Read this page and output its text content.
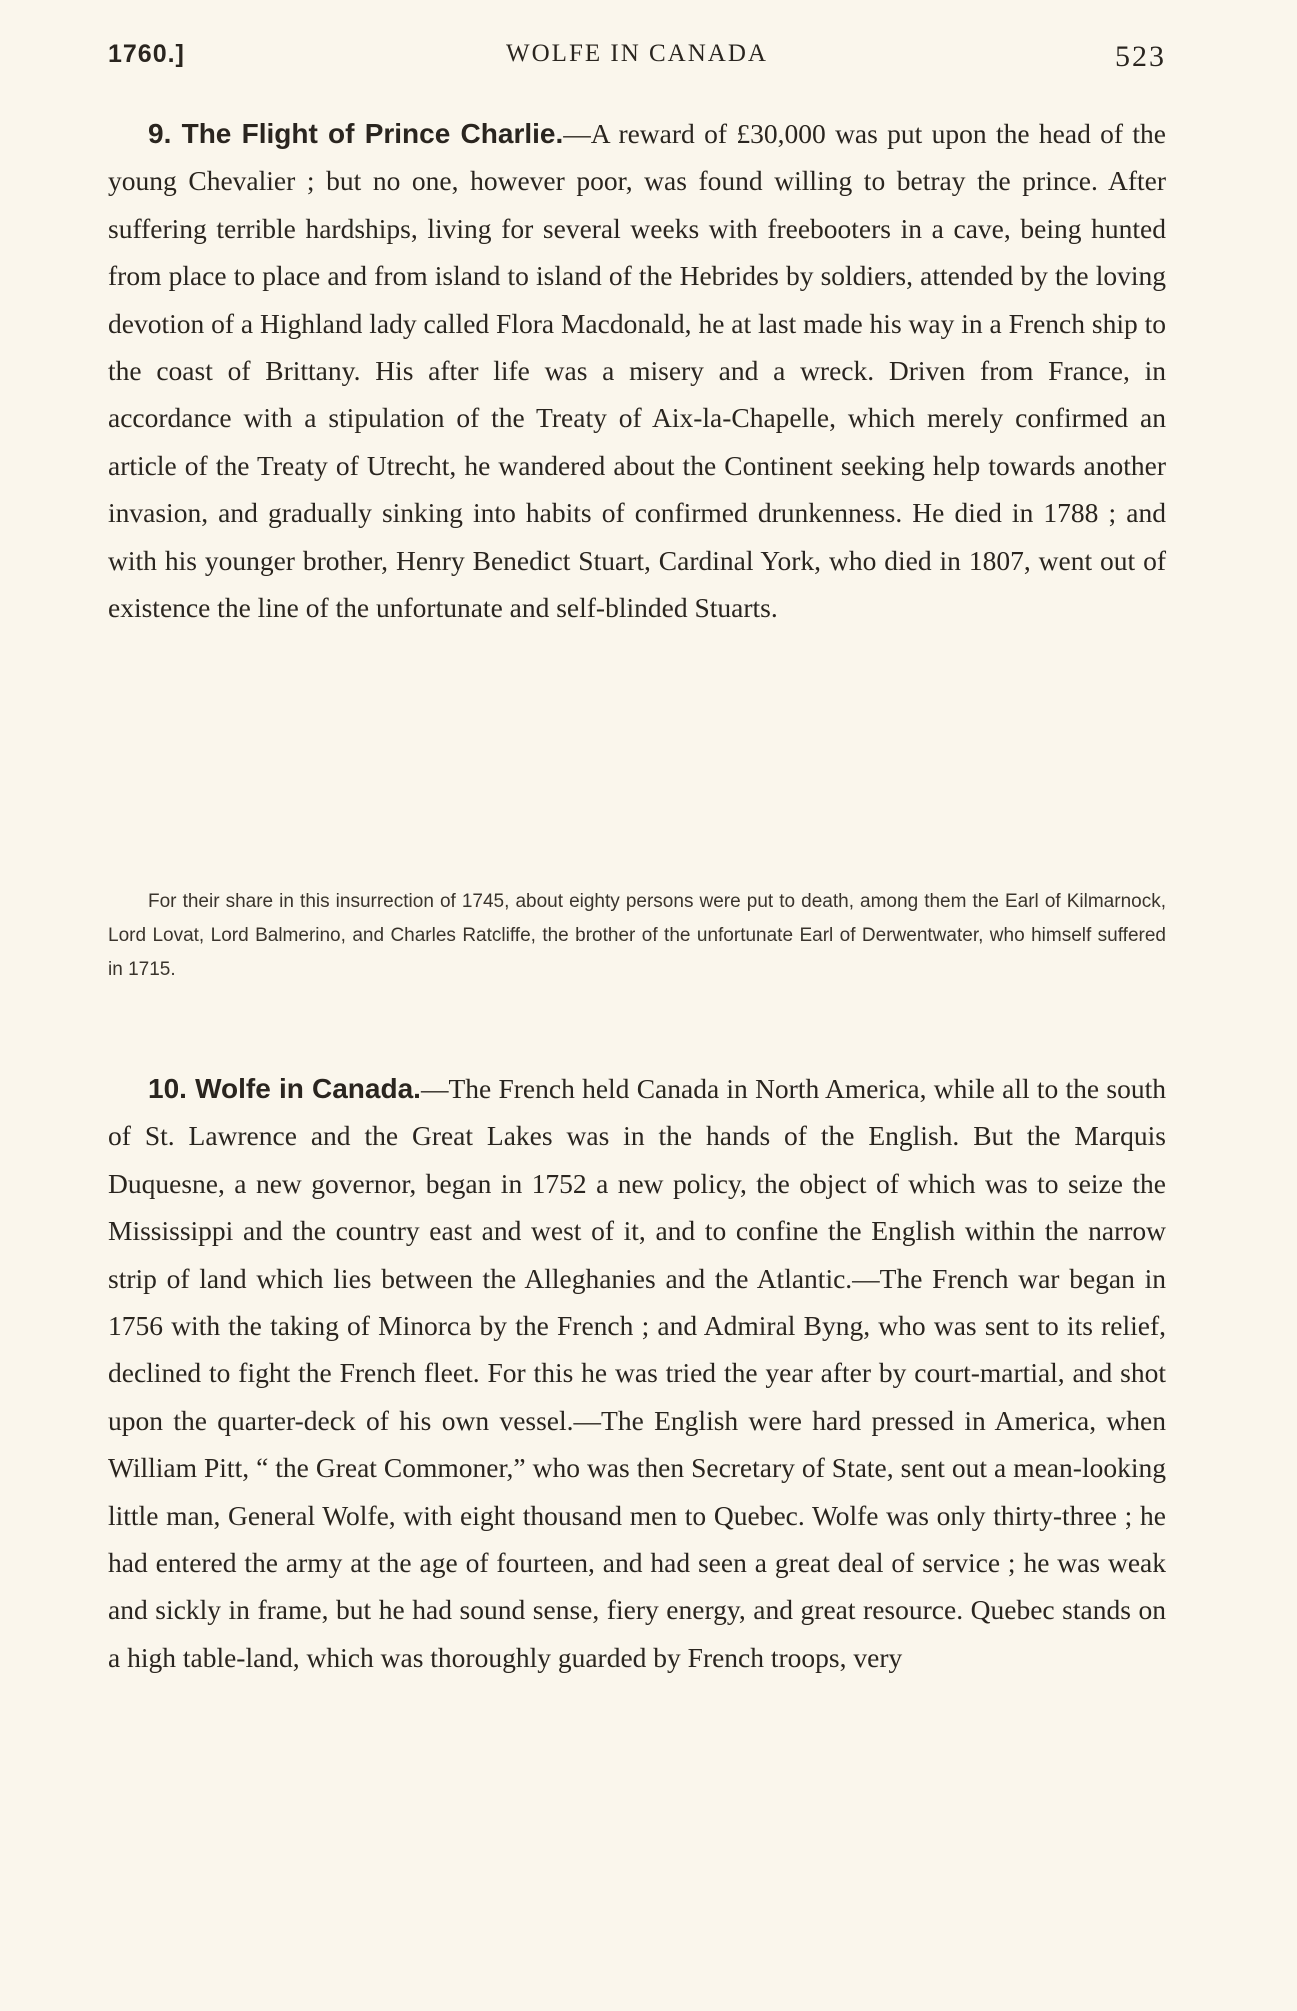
1760.]	WOLFE IN CANADA	523

9. The Flight of Prince Charlie.—A reward of £30,000 was put upon the head of the young Chevalier ; but no one, however poor, was found willing to betray the prince. After suffering terrible hardships, living for several weeks with freebooters in a cave, being hunted from place to place and from island to island of the Hebrides by soldiers, attended by the loving devotion of a Highland lady called Flora Macdonald, he at last made his way in a French ship to the coast of Brittany. His after life was a misery and a wreck. Driven from France, in accordance with a stipulation of the Treaty of Aix-la-Chapelle, which merely confirmed an article of the Treaty of Utrecht, he wandered about the Continent seeking help towards another invasion, and gradually sinking into habits of confirmed drunkenness. He died in 1788 ; and with his younger brother, Henry Benedict Stuart, Cardinal York, who died in 1807, went out of existence the line of the unfortunate and self-blinded Stuarts.

For their share in this insurrection of 1745, about eighty persons were put to death, among them the Earl of Kilmarnock, Lord Lovat, Lord Balmerino, and Charles Ratcliffe, the brother of the unfortunate Earl of Derwentwater, who himself suffered in 1715.

10. Wolfe in Canada.—The French held Canada in North America, while all to the south of St. Lawrence and the Great Lakes was in the hands of the English. But the Marquis Duquesne, a new governor, began in 1752 a new policy, the object of which was to seize the Mississippi and the country east and west of it, and to confine the English within the narrow strip of land which lies between the Alleghanies and the Atlantic.—The French war began in 1756 with the taking of Minorca by the French ; and Admiral Byng, who was sent to its relief, declined to fight the French fleet. For this he was tried the year after by court-martial, and shot upon the quarter-deck of his own vessel.—The English were hard pressed in America, when William Pitt, “ the Great Commoner,” who was then Secretary of State, sent out a mean-looking little man, General Wolfe, with eight thousand men to Quebec. Wolfe was only thirty-three ; he had entered the army at the age of fourteen, and had seen a great deal of service ; he was weak and sickly in frame, but he had sound sense, fiery energy, and great resource. Quebec stands on a high table-land, which was thoroughly guarded by French troops, very
